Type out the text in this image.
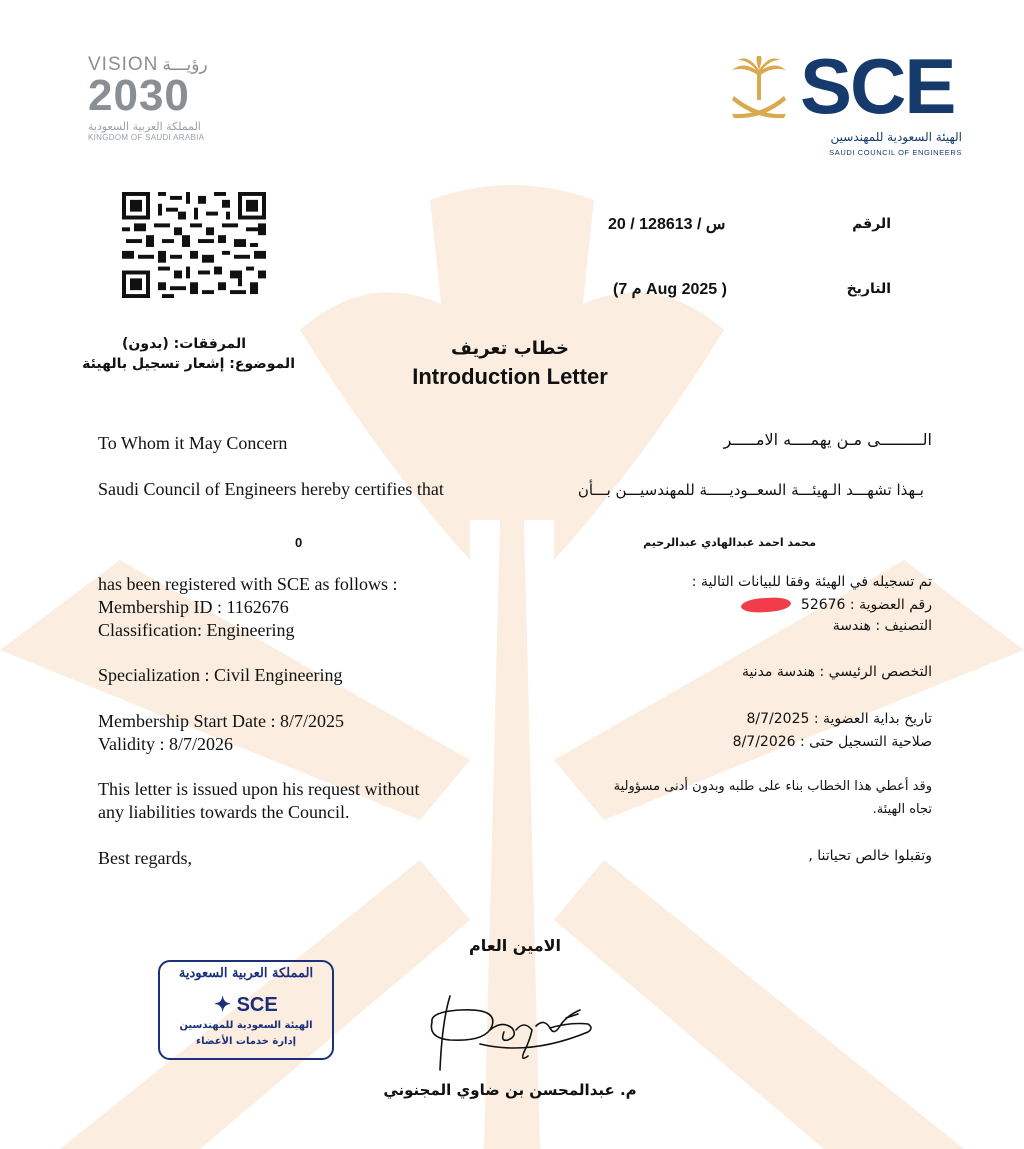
VISION رؤيـــة
2030
المملكة العربية السعودية
KINGDOM OF SAUDI ARABIA
SCE
الهيئة السعودية للمهندسين
SAUDI COUNCIL OF ENGINEERS
الرقم
20 / س / 128613
التاريخ
(م 7 Aug 2025 )
المرفقات: (بدون)
الموضوع: إشعار تسجيل بالهيئة
خطاب تعريف
Introduction Letter
To Whom it May Concern
Saudi Council of Engineers hereby certifies that
0
has been registered with SCE as follows :
Membership ID : 1162676
Classification: Engineering
Specialization : Civil Engineering
Membership Start Date : 8/7/2025
Validity : 8/7/2026
This letter is issued upon his request without
any liabilities towards the Council.
Best regards,
الـــــــــى مـن يهمــــه الامـــــر
بـهذا تشهـــد الـهيئـــة السعــوديـــــة للمهندسيـــن بـــأن
محمد احمد عبدالهادي عبدالرحيم
تم تسجيله في الهيئة وفقا للبيانات التالية :
رقم العضوية : 52676
التصنيف : هندسة
التخصص الرئيسي : هندسة مدنية
تاريخ بداية العضوية : 8/7/2025
صلاحية التسجيل حتى : 8/7/2026
وقد أعطي هذا الخطاب بناء على طلبه وبدون أدنى مسؤولية
تجاه الهيئة.
وتقبلوا خالص تحياتنا ,
الامين العام
م. عبدالمحسن بن ضاوي المجنوني
المملكة العربية السعودية
✦ SCE
الهيئة السعودية للمهندسين
إدارة خدمات الأعضاء
